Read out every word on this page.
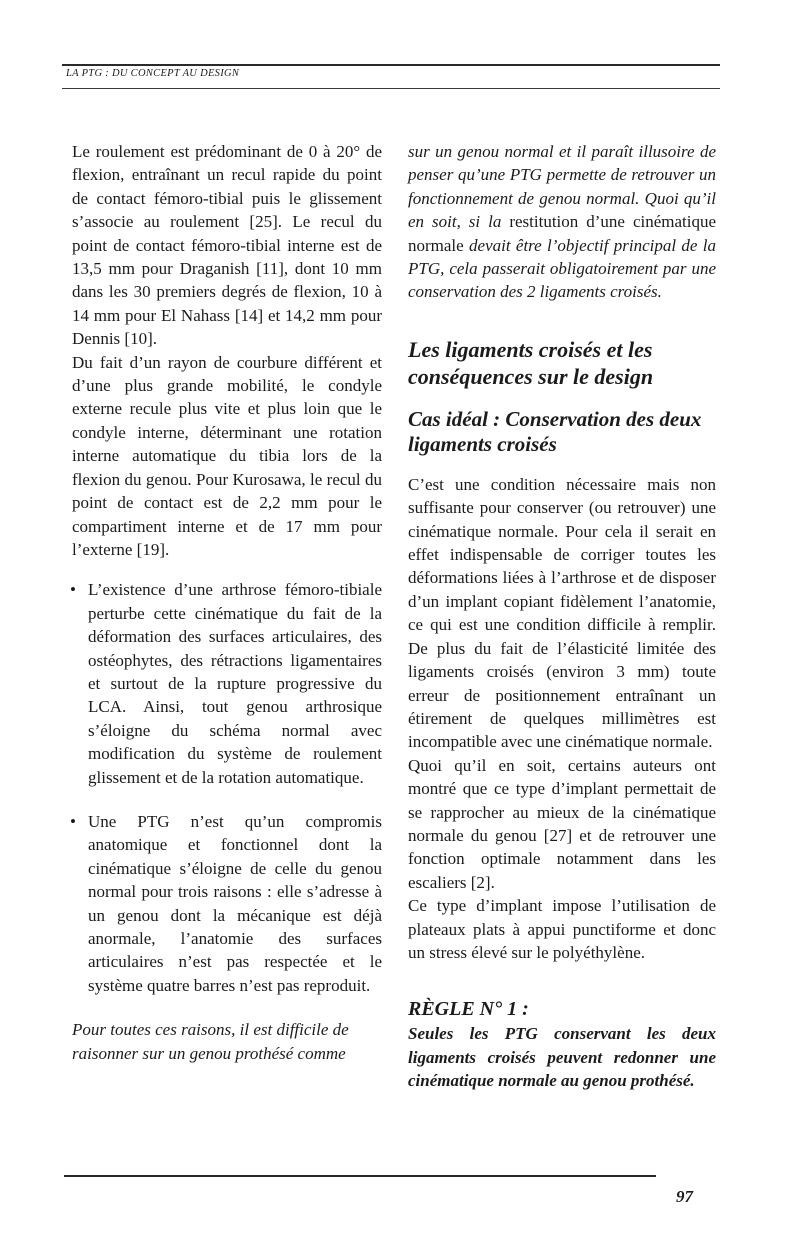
LA PTG : DU CONCEPT AU DESIGN

Le roulement est prédominant de 0 à 20° de flexion, entraînant un recul rapide du point de contact fémoro-tibial puis le glissement s’associe au roulement [25]. Le recul du point de contact fémoro-tibial interne est de 13,5 mm pour Draganish [11], dont 10 mm dans les 30 premiers degrés de flexion, 10 à 14 mm pour El Nahass [14] et 14,2 mm pour Dennis [10].

Du fait d’un rayon de courbure différent et d’une plus grande mobilité, le condyle externe recule plus vite et plus loin que le condyle interne, déterminant une rotation interne automatique du tibia lors de la flexion du genou. Pour Kurosawa, le recul du point de contact est de 2,2 mm pour le compartiment interne et de 17 mm pour l’externe [19].

• L’existence d’une arthrose fémoro-tibiale perturbe cette cinématique du fait de la déformation des surfaces articulaires, des ostéophytes, des rétractions ligamentaires et surtout de la rupture progressive du LCA. Ainsi, tout genou arthrosique s’éloigne du schéma normal avec modification du système de roulement glissement et de la rotation automatique.

• Une PTG n’est qu’un compromis anatomique et fonctionnel dont la cinématique s’éloigne de celle du genou normal pour trois raisons : elle s’adresse à un genou dont la mécanique est déjà anormale, l’anatomie des surfaces articulaires n’est pas respectée et le système quatre barres n’est pas reproduit.

Pour toutes ces raisons, il est difficile de raisonner sur un genou prothésé comme

sur un genou normal et il paraît illusoire de penser qu’une PTG permette de retrouver un fonctionnement de genou normal. Quoi qu’il en soit, si la restitution d’une cinématique normale devait être l’objectif principal de la PTG, cela passerait obligatoirement par une conservation des 2 ligaments croisés.

Les ligaments croisés et les conséquences sur le design
Cas idéal : Conservation des deux ligaments croisés

C’est une condition nécessaire mais non suffisante pour conserver (ou retrouver) une cinématique normale. Pour cela il serait en effet indispensable de corriger toutes les déformations liées à l’arthrose et de disposer d’un implant copiant fidèlement l’anatomie, ce qui est une condition difficile à remplir. De plus du fait de l’élasticité limitée des ligaments croisés (environ 3 mm) toute erreur de positionnement entraînant un étirement de quelques millimètres est incompatible avec une cinématique normale.

Quoi qu’il en soit, certains auteurs ont montré que ce type d’implant permettait de se rapprocher au mieux de la cinématique normale du genou [27] et de retrouver une fonction optimale notamment dans les escaliers [2].

Ce type d’implant impose l’utilisation de plateaux plats à appui punctiforme et donc un stress élevé sur le polyéthylène.

RÈGLE N° 1 :

Seules les PTG conservant les deux ligaments croisés peuvent redonner une cinématique normale au genou prothésé.

97
